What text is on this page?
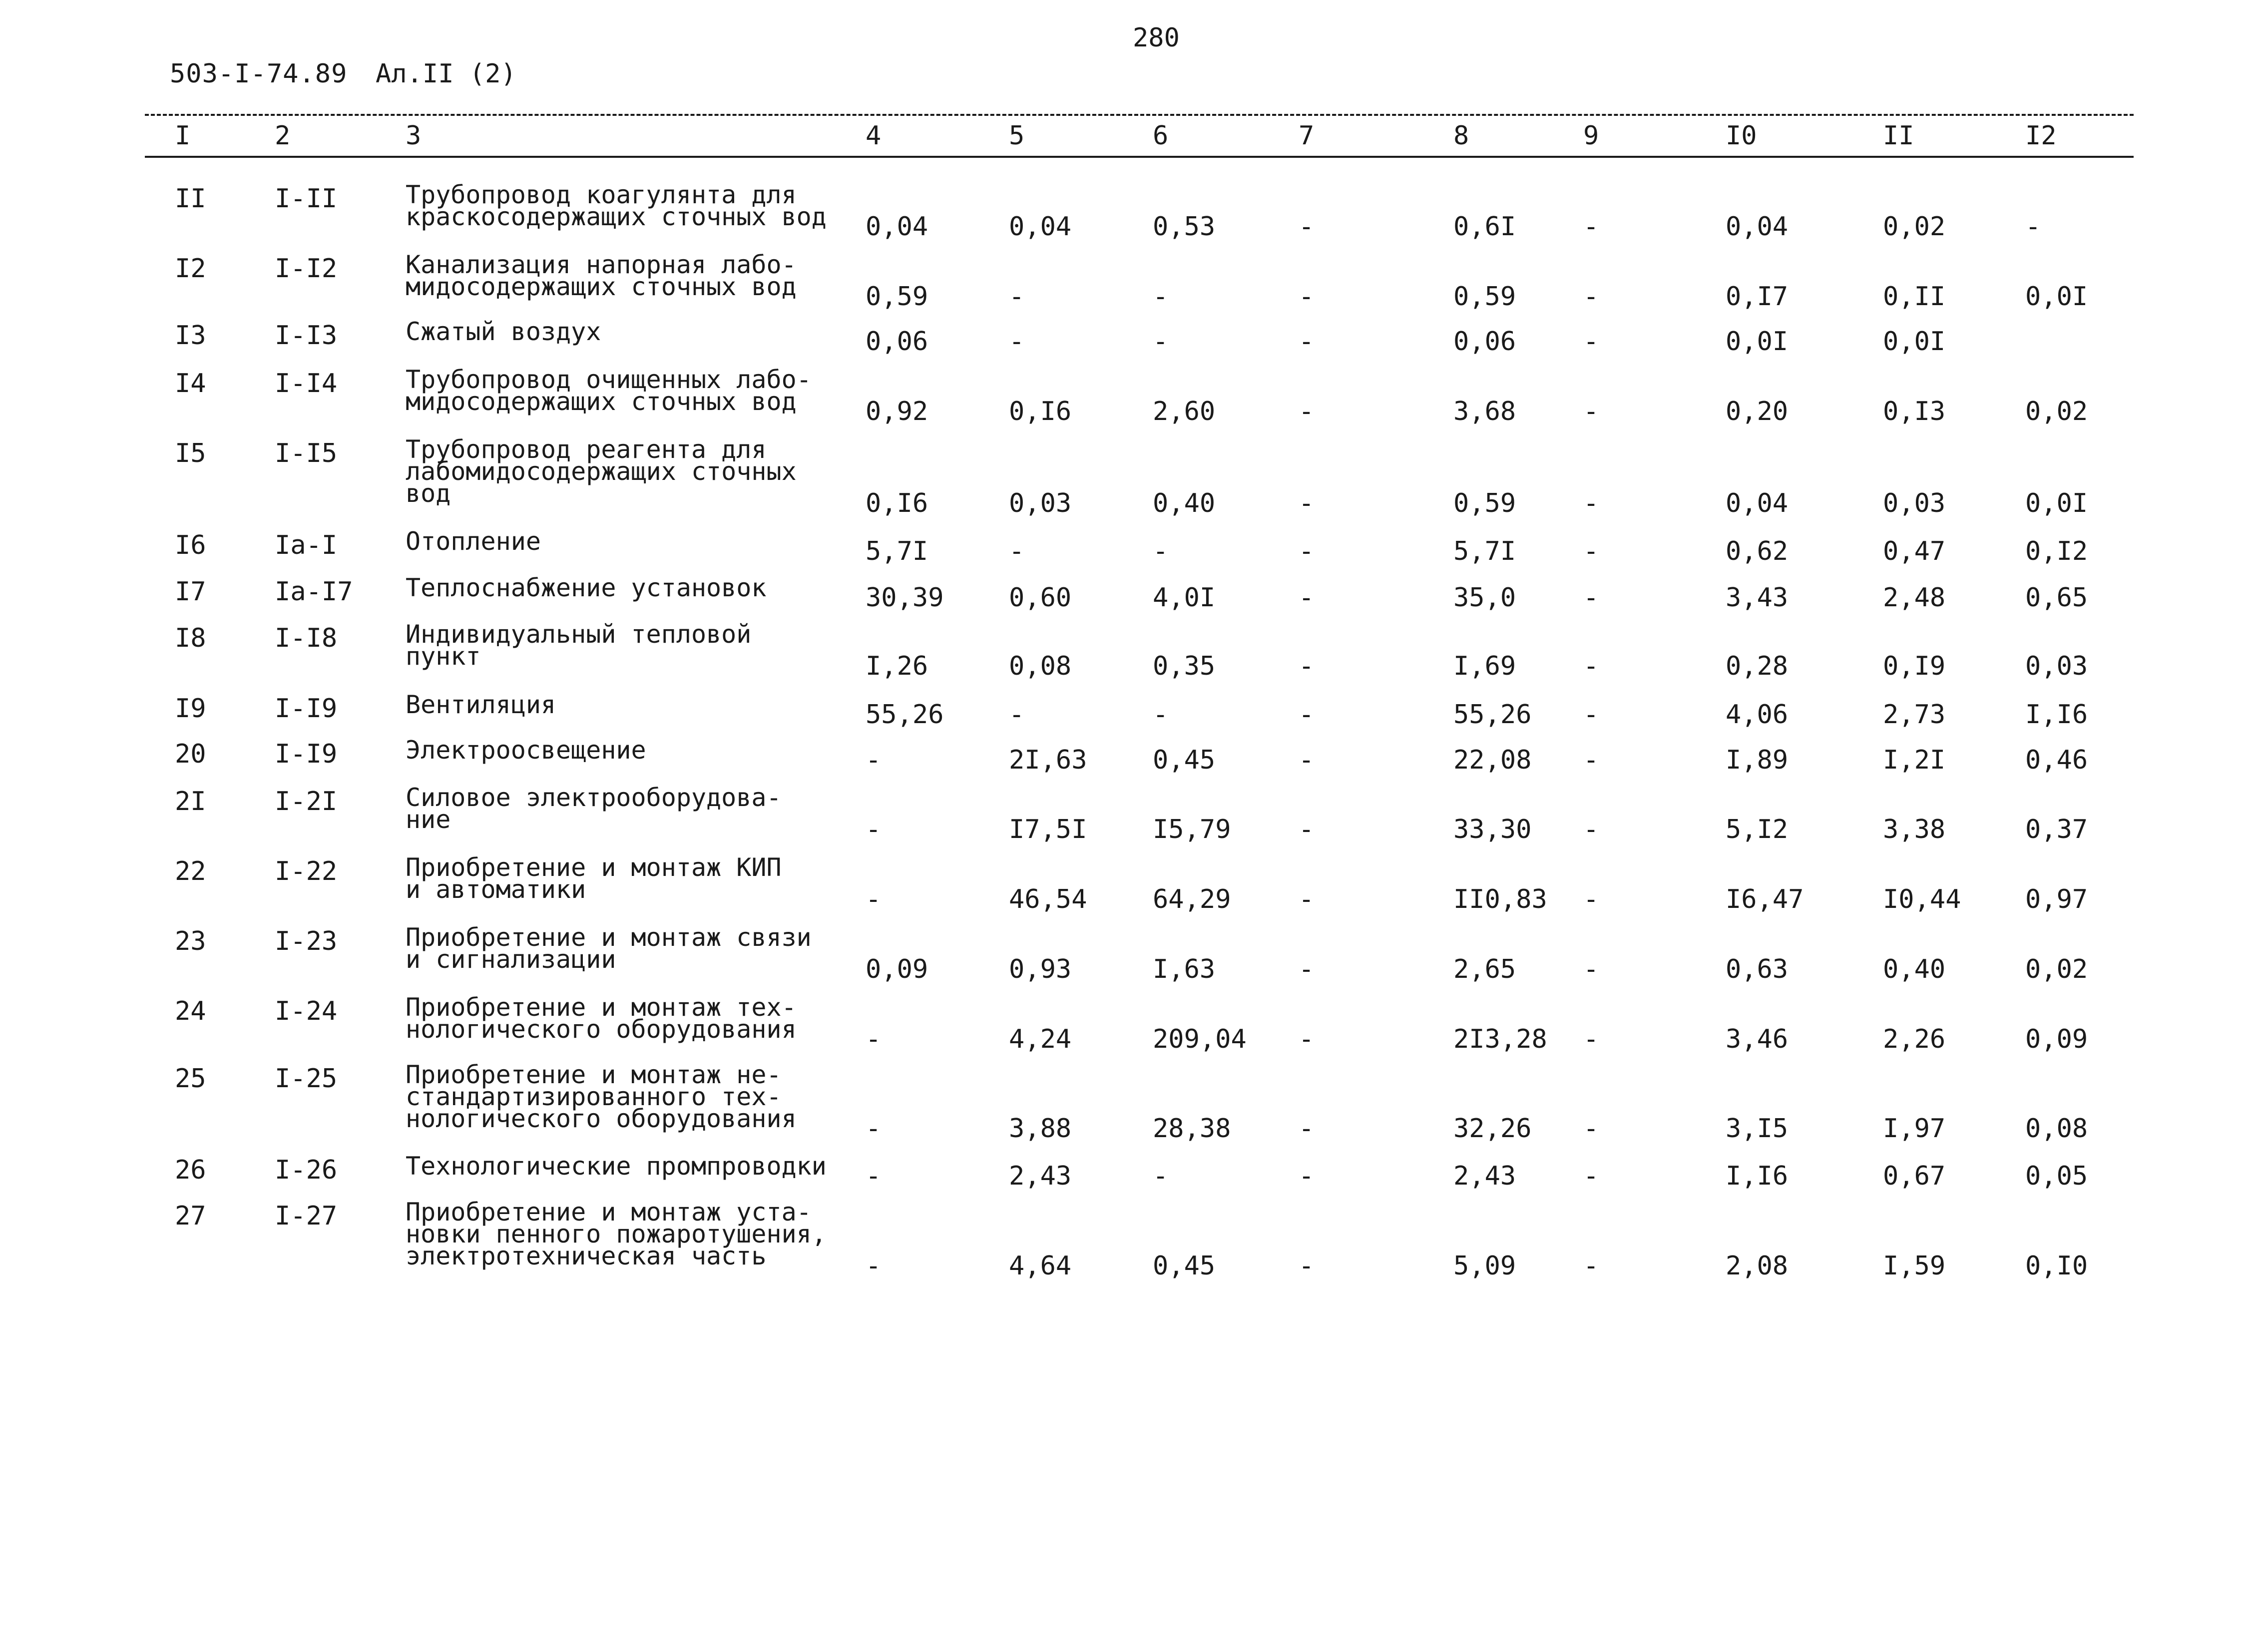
280
503-I-74.89 Ал.II (2)
I	2	3	4	5	6	7	8	9	I0	II	I2
II	I-II	Трубопровод коагулянта для
краскосодержащих сточных вод 0,04	0,04	0,53	-	0,6I	-	0,04	0,02	-
I2	I-I2	Канализация напорная лабо-
мидосодержащих сточных вод	0,59	-	-	-	0,59	-	0,I7	0,II	0,0I
I3	I-I3	Сжатый воздух	0,06	-	-	-	0,06	-	0,0I	0,0I
I4	I-I4	Трубопровод очищенных лабо-
мидосодержащих сточных вод	0,92	0,I6	2,60	-	3,68	-	0,20	0,I3	0,02
I5	I-I5	Трубопровод реагента для
лабомидосодержащих сточных
вод	0,I6	0,03	0,40	-	0,59	-	0,04	0,03	0,0I
I6	Iа-I	Отопление	5,7I	-	-	-	5,7I	-	0,62	0,47	0,I2
I7	Iа-I7 Теплоснабжение установок	30,39	0,60	4,0I	-	35,0	-	3,43	2,48	0,65
I8	I-I8	Индивидуальный тепловой
пункт	I,26	0,08	0,35	-	I,69	-	0,28	0,I9	0,03
I9	I-I9	Вентиляция	55,26	-	-	-	55,26 -	4,06	2,73	I,I6
20	I-I9	Электроосвещение	-	2I,63	0,45	-	22,08 -	I,89	I,2I	0,46
2I	I-2I	Силовое электрооборудова-
ние	-	I7,5I	I5,79	-	33,30 -	5,I2	3,38	0,37
22	I-22	Приобретение и монтаж КИП
и автоматики	-	46,54	64,29	-	II0,83 -	I6,47	I0,44 0,97
23	I-23	Приобретение и монтаж связи
и сигнализации	0,09	0,93	I,63	-	2,65	-	0,63	0,40	0,02
24	I-24	Приобретение и монтаж тех-
нологического оборудования	-	4,24	209,04 -	2I3,28 -	3,46	2,26	0,09
25	I-25	Приобретение и монтаж не-
стандартизированного тех-
нологического оборудования	-	3,88	28,38	-	32,26 -	3,I5	I,97	0,08
26	I-26	Технологические промпроводки -	2,43	-	-	2,43	-	I,I6	0,67	0,05
27	I-27	Приобретение и монтаж уста-
новки пенного пожаротушения,
электротехническая часть	-	4,64	0,45	-	5,09	-	2,08	I,59	0,I0
